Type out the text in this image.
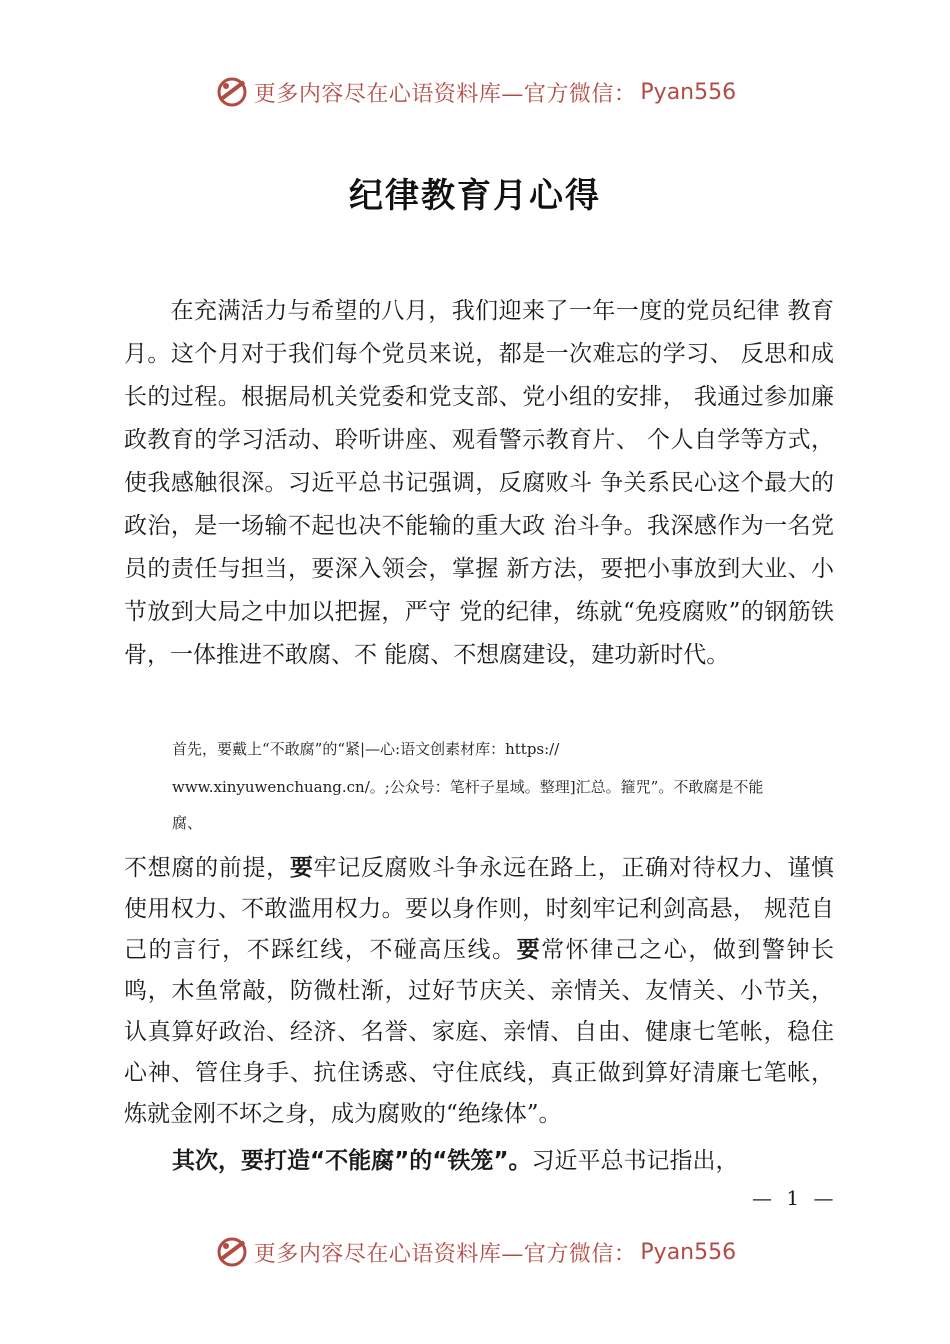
更多内容尽在心语资料库—官方微信： Pyan556
纪律教育月心得
在充满活力与希望的八月，我们迎来了一年一度的党员纪律 教育月。这个月对于我们每个党员来说，都是一次难忘的学习、 反思和成长的过程。根据局机关党委和党支部、党小组的安排， 我通过参加廉政教育的学习活动、聆听讲座、观看警示教育片、 个人自学等方式，使我感触很深。习近平总书记强调，反腐败斗 争关系民心这个最大的政治，是一场输不起也决不能输的重大政 治斗争。我深感作为一名党员的责任与担当，要深入领会，掌握 新方法，要把小事放到大业、小节放到大局之中加以把握，严守 党的纪律，练就“免疫腐败”的钢筋铁骨，一体推进不敢腐、不 能腐、不想腐建设，建功新时代。
首先，要戴上“不敢腐”的“紧|—心:语文创素材库：https://
www.xinyuwenchuang.cn/。;公众号：笔杆子星域。整理]汇总。箍咒”。不敢腐是不能
腐、
不想腐的前提，要牢记反腐败斗争永远在路上，正确对待权力、谨慎使用权力、不敢滥用权力。要以身作则，时刻牢记利剑高悬， 规范自己的言行，不踩红线，不碰高压线。要常怀律己之心，做到警钟长鸣，木鱼常敲，防微杜渐，过好节庆关、亲情关、友情关、小节关，认真算好政治、经济、名誉、家庭、亲情、自由、健康七笔帐，稳住心神、管住身手、抗住诱惑、守住底线，真正做到算好清廉七笔帐，炼就金刚不坏之身，成为腐败的“绝缘体”。
其次，要打造“不能腐”的“铁笼”。习近平总书记指出，
— 1 —
更多内容尽在心语资料库—官方微信： Pyan556
